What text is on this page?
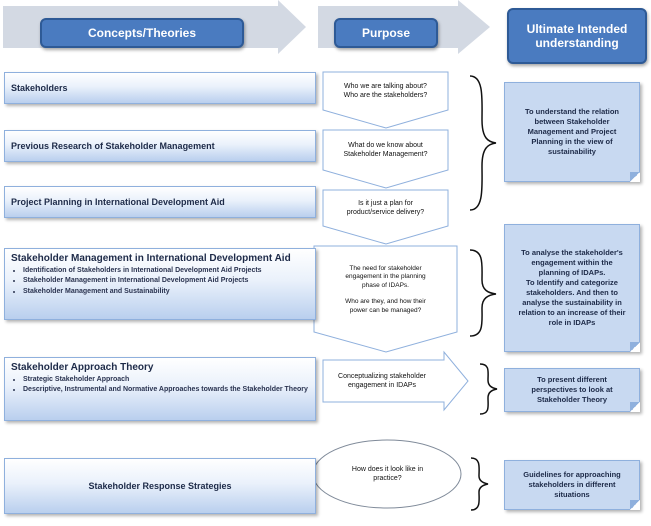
Concepts/Theories	Purpose	Ultimate Intended
understanding
Stakeholders
Previous Research of Stakeholder Management
Project Planning in International Development Aid
Stakeholder Management in International Development Aid
• Identification of Stakeholders in International Development Aid Projects
• Stakeholder Management in International Development Aid Projects
• Stakeholder Management and Sustainability
Stakeholder Approach Theory
• Strategic Stakeholder Approach
• Descriptive, Instrumental and Normative Approaches towards the Stakeholder Theory
Stakeholder Response Strategies
Who we are talking about?
Who are the stakeholders?
What do we know about
Stakeholder Management?
Is it just a plan for
product/service delivery?
The need for stakeholder
engagement in the planning
phase of IDAPs.
Who are they, and how their
power can be managed?
Conceptualizing stakeholder
engagement in IDAPs
How does it look like in
practice?
To understand the relation
between Stakeholder
Management and Project
Planning in the view of
sustainability
To analyse the stakeholder's
engagement within the
planning of IDAPs.
To Identify and categorize
stakeholders. And then to
analyse the sustainability in
relation to an increase of their
role in IDAPs
To present different
perspectives to look at
Stakeholder Theory
Guidelines for approaching
stakeholders in different
situations
